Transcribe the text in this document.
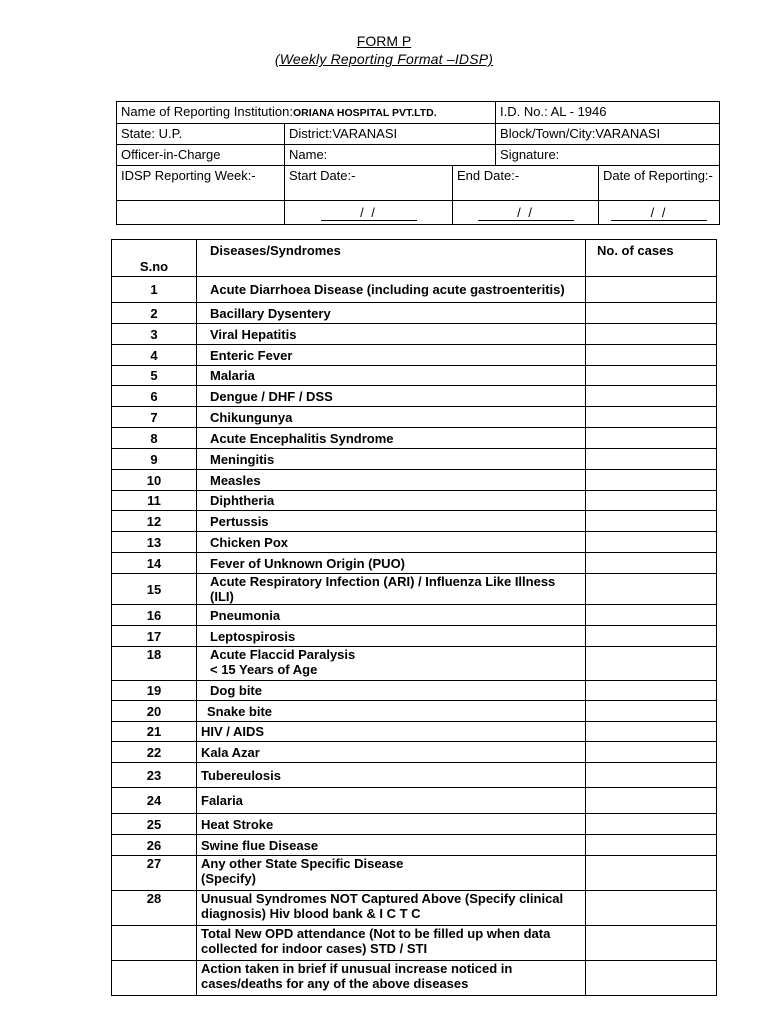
FORM P
(Weekly Reporting Format –IDSP)
Name of Reporting Institution:ORIANA HOSPITAL PVT.LTD.			I.D. No.: AL - 1946	
State: U.P.	District:VARANASI		Block/Town/City:VARANASI	
Officer-in-Charge	Name:		Signature:	
IDSP Reporting Week:-	Start Date:-	End Date:-		Date of Reporting:-
	/ /	/ /		/ /
S.no	Diseases/Syndromes	No. of cases
1	Acute Diarrhoea Disease (including acute gastroenteritis)	

2	Bacillary Dysentery	

3	Viral Hepatitis	

4	Enteric Fever	

5	Malaria	

6	Dengue / DHF / DSS	

7	Chikungunya	

8	Acute Encephalitis Syndrome	

9	Meningitis	

10	Measles	

11	Diphtheria	

12	Pertussis	

13	Chicken Pox	

14	Fever of Unknown Origin (PUO)	

15	Acute Respiratory Infection (ARI) / Influenza Like Illness (ILI)	

16	Pneumonia	

17	Leptospirosis	

18	Acute Flaccid Paralysis
< 15 Years of Age	

19	Dog bite	

20	Snake bite	

21	HIV / AIDS	

22	Kala Azar	

23	Tubereulosis	

24	Falaria	

25	Heat Stroke	

26	Swine flue Disease	

27	Any other State Specific Disease
(Specify)	

28	Unusual Syndromes NOT Captured Above (Specify clinical
diagnosis) Hiv blood bank & I C T C	

	Total New OPD attendance (Not to be filled up when data
collected for indoor cases) STD / STI	

	Action taken in brief if unusual increase noticed in
cases/deaths for any of the above diseases	
